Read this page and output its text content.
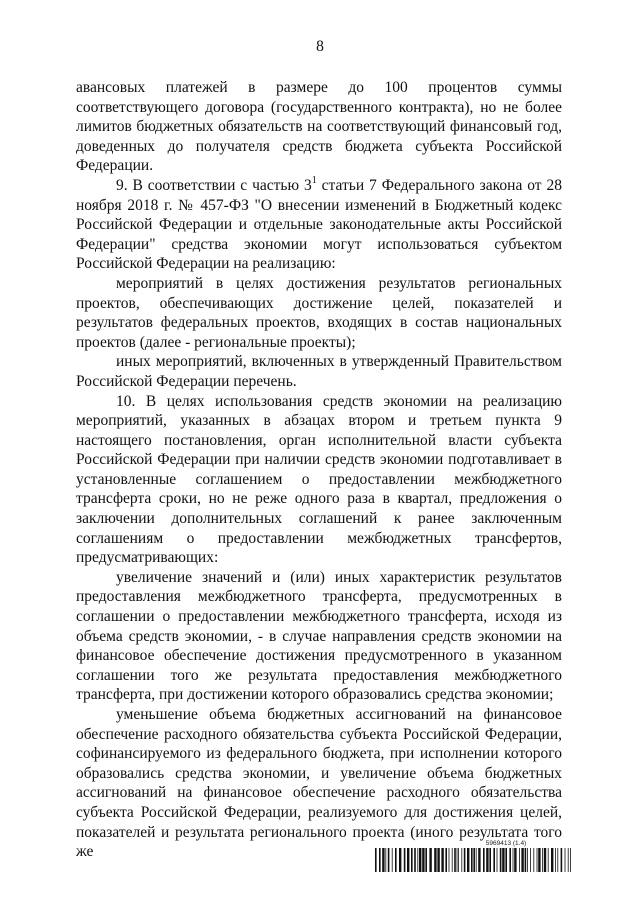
8

авансовых платежей в размере до 100 процентов суммы соответствующего договора (государственного контракта), но не более лимитов бюджетных обязательств на соответствующий финансовый год, доведенных до получателя средств бюджета субъекта Российской Федерации.

9. В соответствии с частью $3^1$ статьи 7 Федерального закона от 28 ноября 2018 г. № 457-ФЗ "О внесении изменений в Бюджетный кодекс Российской Федерации и отдельные законодательные акты Российской Федерации" средства экономии могут использоваться субъектом Российской Федерации на реализацию:

мероприятий в целях достижения результатов региональных проектов, обеспечивающих достижение целей, показателей и результатов федеральных проектов, входящих в состав национальных проектов (далее - региональные проекты);

иных мероприятий, включенных в утвержденный Правительством Российской Федерации перечень.

10. В целях использования средств экономии на реализацию мероприятий, указанных в абзацах втором и третьем пункта 9 настоящего постановления, орган исполнительной власти субъекта Российской Федерации при наличии средств экономии подготавливает в установленные соглашением о предоставлении межбюджетного трансферта сроки, но не реже одного раза в квартал, предложения о заключении дополнительных соглашений к ранее заключенным соглашениям о предоставлении межбюджетных трансфертов, предусматривающих:

увеличение значений и (или) иных характеристик результатов предоставления межбюджетного трансферта, предусмотренных в соглашении о предоставлении межбюджетного трансферта, исходя из объема средств экономии, - в случае направления средств экономии на финансовое обеспечение достижения предусмотренного в указанном соглашении того же результата предоставления межбюджетного трансферта, при достижении которого образовались средства экономии;

уменьшение объема бюджетных ассигнований на финансовое обеспечение расходного обязательства субъекта Российской Федерации, софинансируемого из федерального бюджета, при исполнении которого образовались средства экономии, и увеличение объема бюджетных ассигнований на финансовое обеспечение расходного обязательства субъекта Российской Федерации, реализуемого для достижения целей, показателей и результата регионального проекта (иного результата того же	5969413 (1.4)
